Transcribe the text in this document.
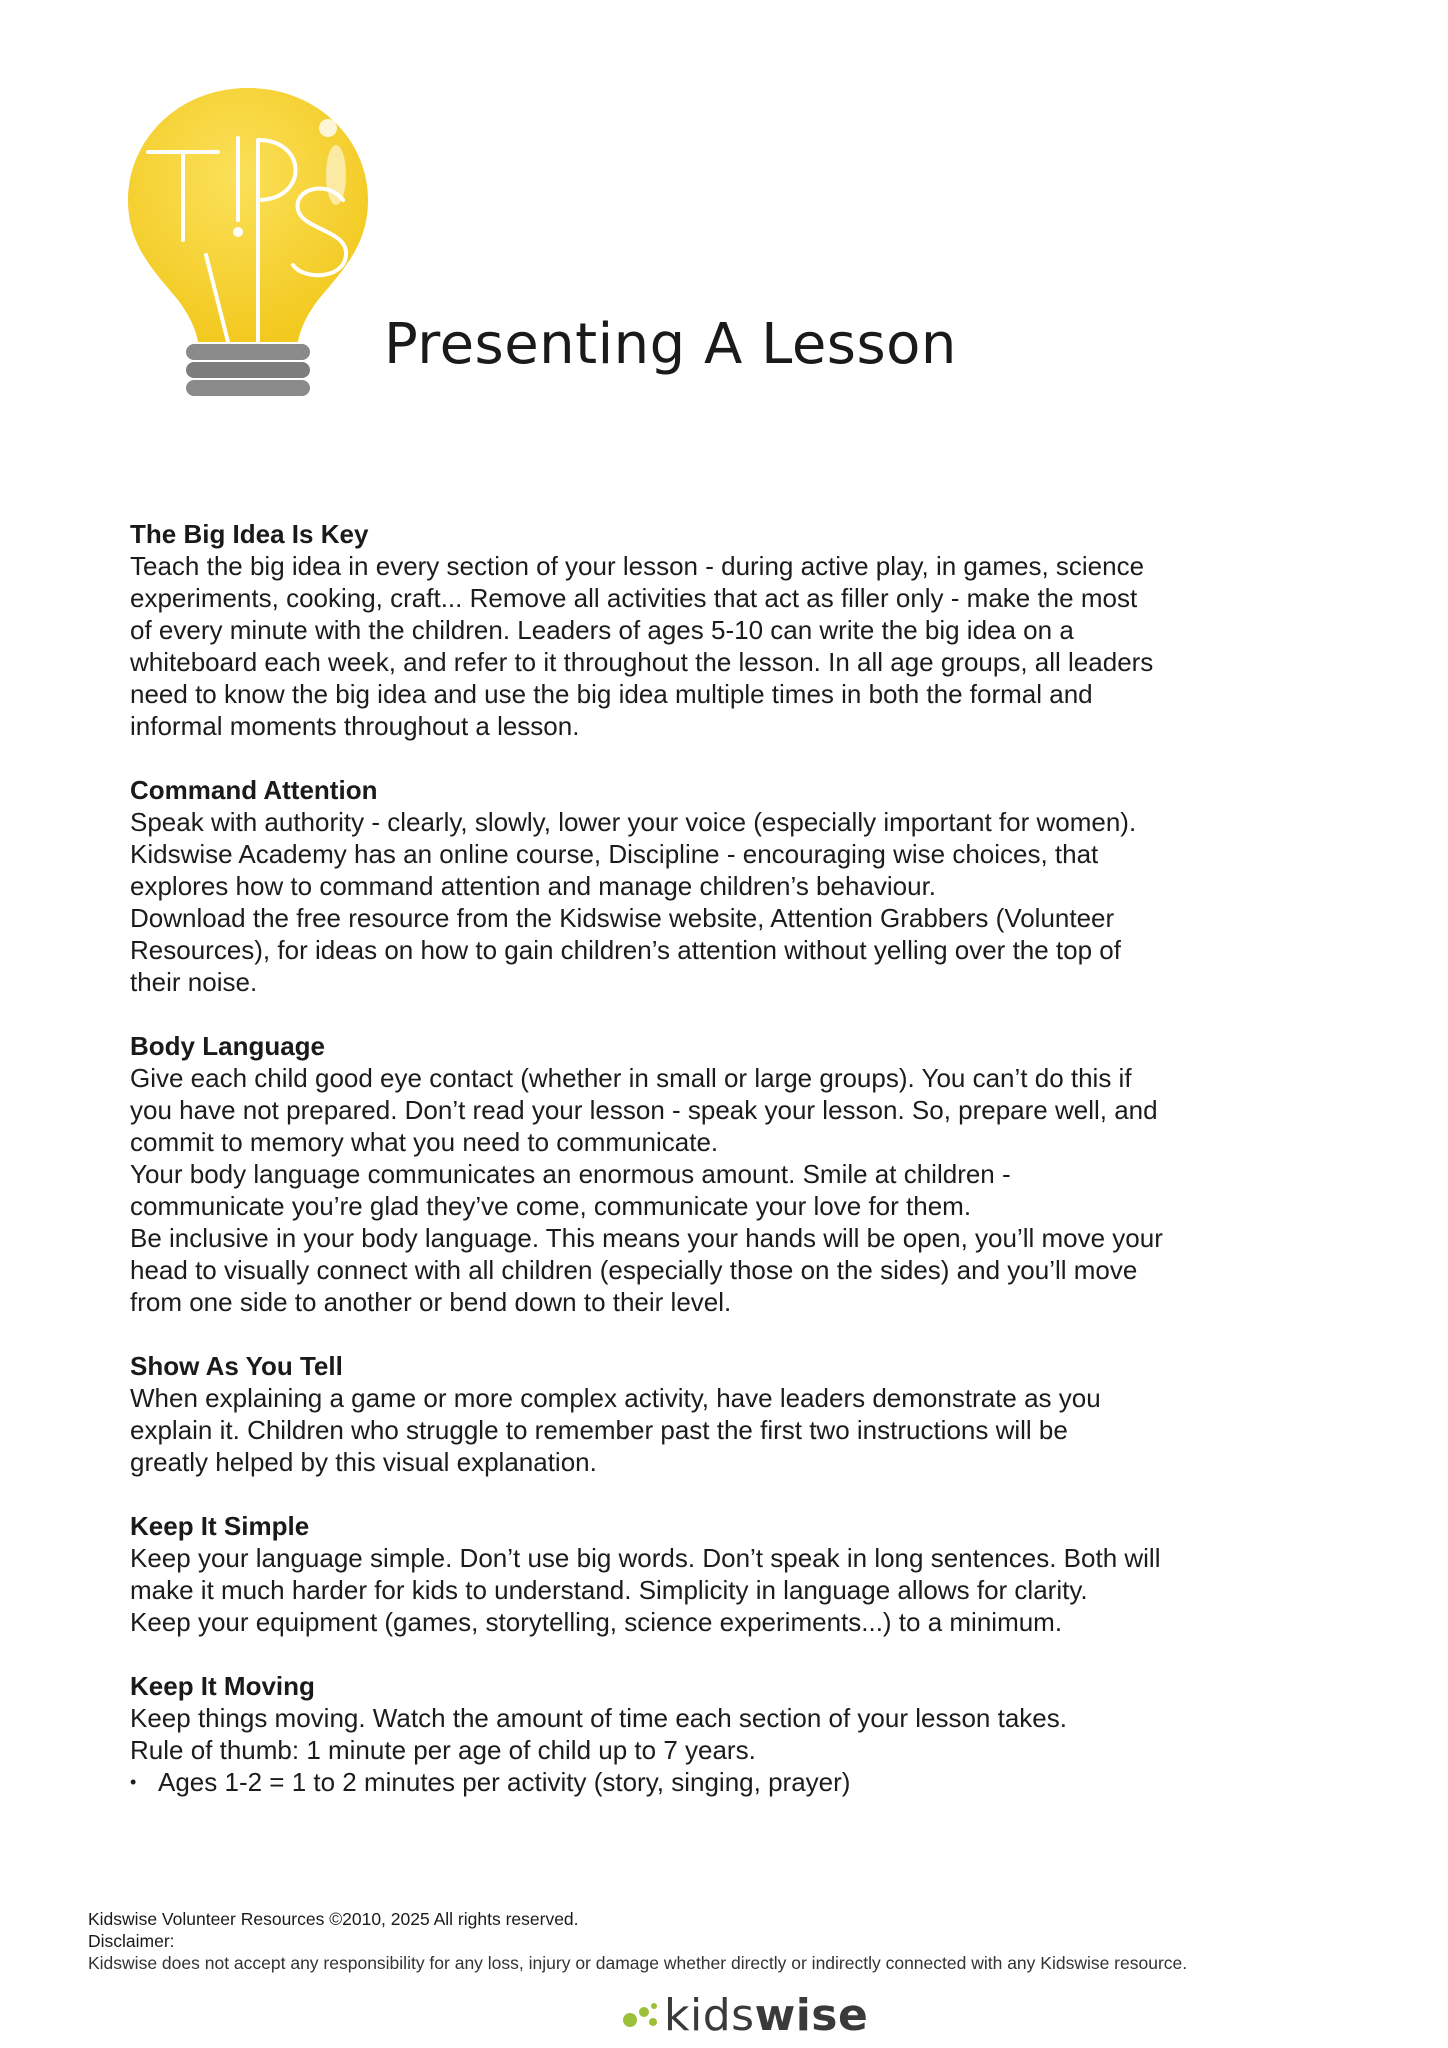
Presenting A Lesson
The Big Idea Is Key

Teach the big idea in every section of your lesson - during active play, in games, science

experiments, cooking, craft... Remove all activities that act as filler only - make the most

of every minute with the children. Leaders of ages 5-10 can write the big idea on a

whiteboard each week, and refer to it throughout the lesson. In all age groups, all leaders

need to know the big idea and use the big idea multiple times in both the formal and

informal moments throughout a lesson.

Command Attention

Speak with authority - clearly, slowly, lower your voice (especially important for women).

Kidswise Academy has an online course, Discipline - encouraging wise choices, that

explores how to command attention and manage children’s behaviour.

Download the free resource from the Kidswise website, Attention Grabbers (Volunteer

Resources), for ideas on how to gain children’s attention without yelling over the top of

their noise.

Body Language

Give each child good eye contact (whether in small or large groups). You can’t do this if

you have not prepared. Don’t read your lesson - speak your lesson. So, prepare well, and

commit to memory what you need to communicate.

Your body language communicates an enormous amount. Smile at children -

communicate you’re glad they’ve come, communicate your love for them.

Be inclusive in your body language. This means your hands will be open, you’ll move your

head to visually connect with all children (especially those on the sides) and you’ll move

from one side to another or bend down to their level.

Show As You Tell

When explaining a game or more complex activity, have leaders demonstrate as you

explain it. Children who struggle to remember past the first two instructions will be

greatly helped by this visual explanation.

Keep It Simple

Keep your language simple. Don’t use big words. Don’t speak in long sentences. Both will

make it much harder for kids to understand. Simplicity in language allows for clarity.

Keep your equipment (games, storytelling, science experiments...) to a minimum.

Keep It Moving

Keep things moving. Watch the amount of time each section of your lesson takes.

Rule of thumb: 1 minute per age of child up to 7 years.

• Ages 1-2 = 1 to 2 minutes per activity (story, singing, prayer)
Kidswise Volunteer Resources ©2010, 2025 All rights reserved.
Disclaimer:
Kidswise does not accept any responsibility for any loss, injury or damage whether directly or indirectly connected with any Kidswise resource.
kidswise
